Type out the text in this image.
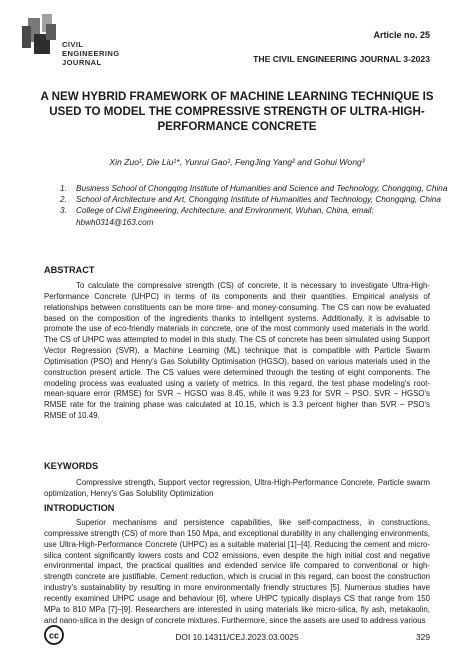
CIVIL
ENGINEERING
JOURNAL
Article no. 25
THE CIVIL ENGINEERING JOURNAL 3-2023
A NEW HYBRID FRAMEWORK OF MACHINE LEARNING TECHNIQUE IS USED TO MODEL THE COMPRESSIVE STRENGTH OF ULTRA-HIGH-PERFORMANCE CONCRETE
Xin Zuo¹, Die Liu¹*, Yunrui Gao¹, FengJing Yang² and Gohui Wong³
1.	Business School of Chongqing Institute of Humanities and Science and Technology, Chongqing, China
2.	School of Architecture and Art, Chongqing Institute of Humanities and Technology, Chongqing, China
3.	College of Civil Engineering, Architecture, and Environment, Wuhan, China, email: hbwh0314@163.com
ABSTRACT

To calculate the compressive strength (CS) of concrete, it is necessary to investigate Ultra-High-Performance Concrete (UHPC) in terms of its components and their quantities. Empirical analysis of relationships between constituents can be more time- and money-consuming. The CS can now be evaluated based on the composition of the ingredients thanks to intelligent systems. Additionally, it is advisable to promote the use of eco-friendly materials in concrete, one of the most commonly used materials in the world. The CS of UHPC was attempted to model in this study. The CS of concrete has been simulated using Support Vector Regression (SVR), a Machine Learning (ML) technique that is compatible with Particle Swarm Optimisation (PSO) and Henry's Gas Solubility Optimisation (HGSO), based on various materials used in the construction present article. The CS values were determined through the testing of eight components. The modeling process was evaluated using a variety of metrics. In this regard, the test phase modeling's root-mean-square error (RMSE) for SVR − HGSO was 8.45, while it was 9.23 for SVR − PSO. SVR − HGSO's RMSE rate for the training phase was calculated at 10.15, which is 3.3 percent higher than SVR − PSO's RMSE of 10.49.

KEYWORDS

Compressive strength, Support vector regression, Ultra-High-Performance Concrete, Particle swarm optimization, Henry's Gas Solubility Optimization

INTRODUCTION

Superior mechanisms and persistence capabilities, like self-compactness, in constructions, compressive strength (CS) of more than 150 Mpa, and exceptional durability in any challenging environments, use Ultra-High-Performance Concrete (UHPC) as a suitable material [1]–[4]. Reducing the cement and micro-silica content significantly lowers costs and CO2 emissions, even despite the high initial cost and negative environmental impact, the practical qualities and extended service life compared to conventional or high-strength concrete are justifiable. Cement reduction, which is crucial in this regard, can boost the construction industry's sustainability by resulting in more environmentally friendly structures [5]. Numerous studies have recently examined UHPC usage and behaviour [6], where UHPC typically displays CS that range from 150 MPa to 810 MPa [7]–[9]. Researchers are interested in using materials like micro-silica, fly ash, metakaolin, and nano-silica in the design of concrete mixtures. Furthermore, since the assets are used to address various

cc	DOI 10.14311/CEJ.2023.03.0025	329
